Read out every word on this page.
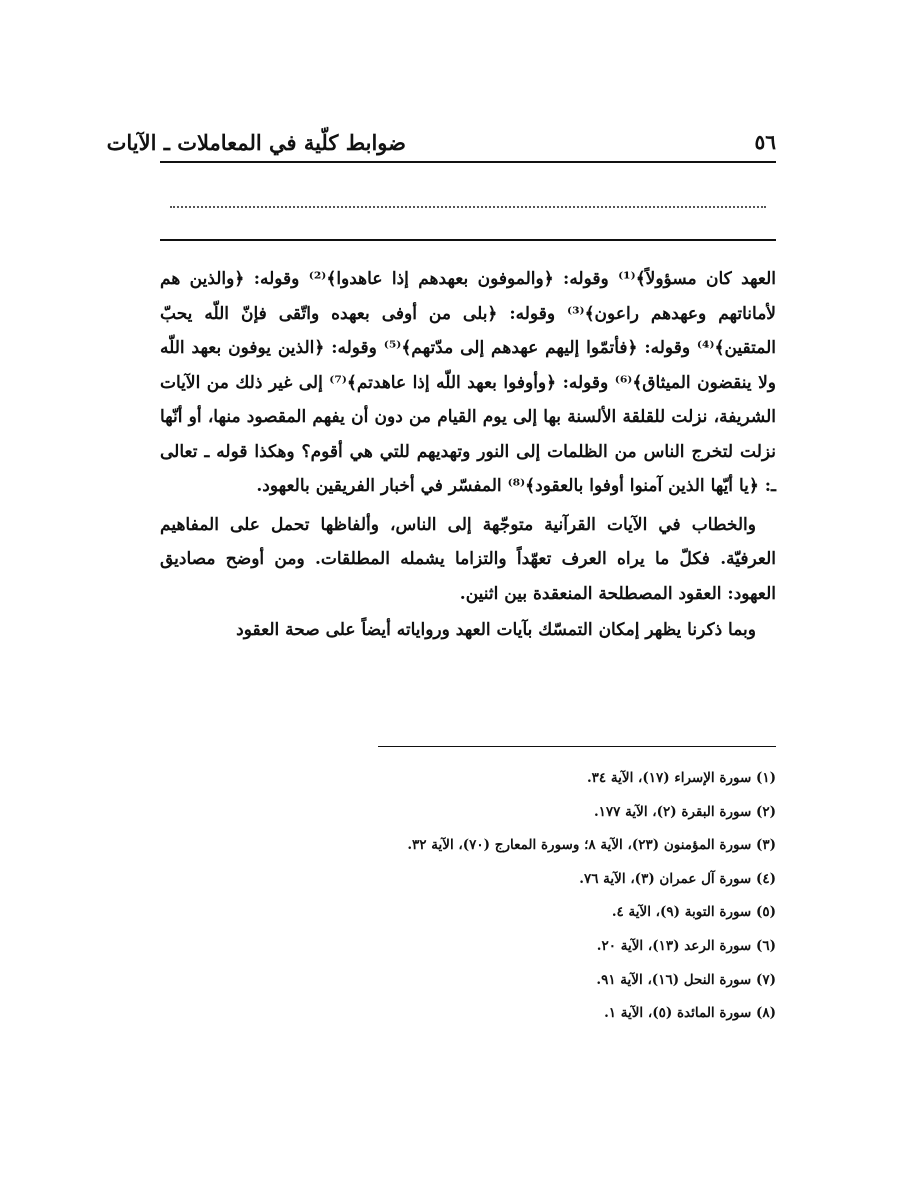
ضوابط كلّية في المعاملات ـ الآيات	٥٦

العهد كان مسؤولاً﴾⁽¹⁾ وقوله: ﴿والموفون بعهدهم إذا عاهدوا﴾⁽²⁾ وقوله: ﴿والذين هم لأماناتهم وعهدهم راعون﴾⁽³⁾ وقوله: ﴿بلى من أوفى بعهده واتّقى فإنّ اللّه يحبّ المتقين﴾⁽⁴⁾ وقوله: ﴿فأتمّوا إليهم عهدهم إلى مدّتهم﴾⁽⁵⁾ وقوله: ﴿الذين يوفون بعهد اللّه ولا ينقضون الميثاق﴾⁽⁶⁾ وقوله: ﴿وأوفوا بعهد اللّه إذا عاهدتم﴾⁽⁷⁾ إلى غير ذلك من الآيات الشريفة، نزلت للقلقة الألسنة بها إلى يوم القيام من دون أن يفهم المقصود منها، أو أنّها نزلت لتخرج الناس من الظلمات إلى النور وتهديهم للتي هي أقوم؟ وهكذا قوله ـ تعالى ـ: ﴿يا أيّها الذين آمنوا أوفوا بالعقود﴾⁽⁸⁾ المفسّر في أخبار الفريقين بالعهود.

والخطاب في الآيات القرآنية متوجّهة إلى الناس، وألفاظها تحمل على المفاهيم العرفيّة. فكلّ ما يراه العرف تعهّداً والتزاما يشمله المطلقات. ومن أوضح مصاديق العهود: العقود المصطلحة المنعقدة بين اثنين.

وبما ذكرنا يظهر إمكان التمسّك بآيات العهد ورواياته أيضاً على صحة العقود

(١) سورة الإسراء (١٧)، الآية ٣٤.
(٢) سورة البقرة (٢)، الآية ١٧٧.
(٣) سورة المؤمنون (٢٣)، الآية ٨؛ وسورة المعارج (٧٠)، الآية ٣٢.
(٤) سورة آل عمران (٣)، الآية ٧٦.
(٥) سورة التوبة (٩)، الآية ٤.
(٦) سورة الرعد (١٣)، الآية ٢٠.
(٧) سورة النحل (١٦)، الآية ٩١.
(٨) سورة المائدة (٥)، الآية ١.
